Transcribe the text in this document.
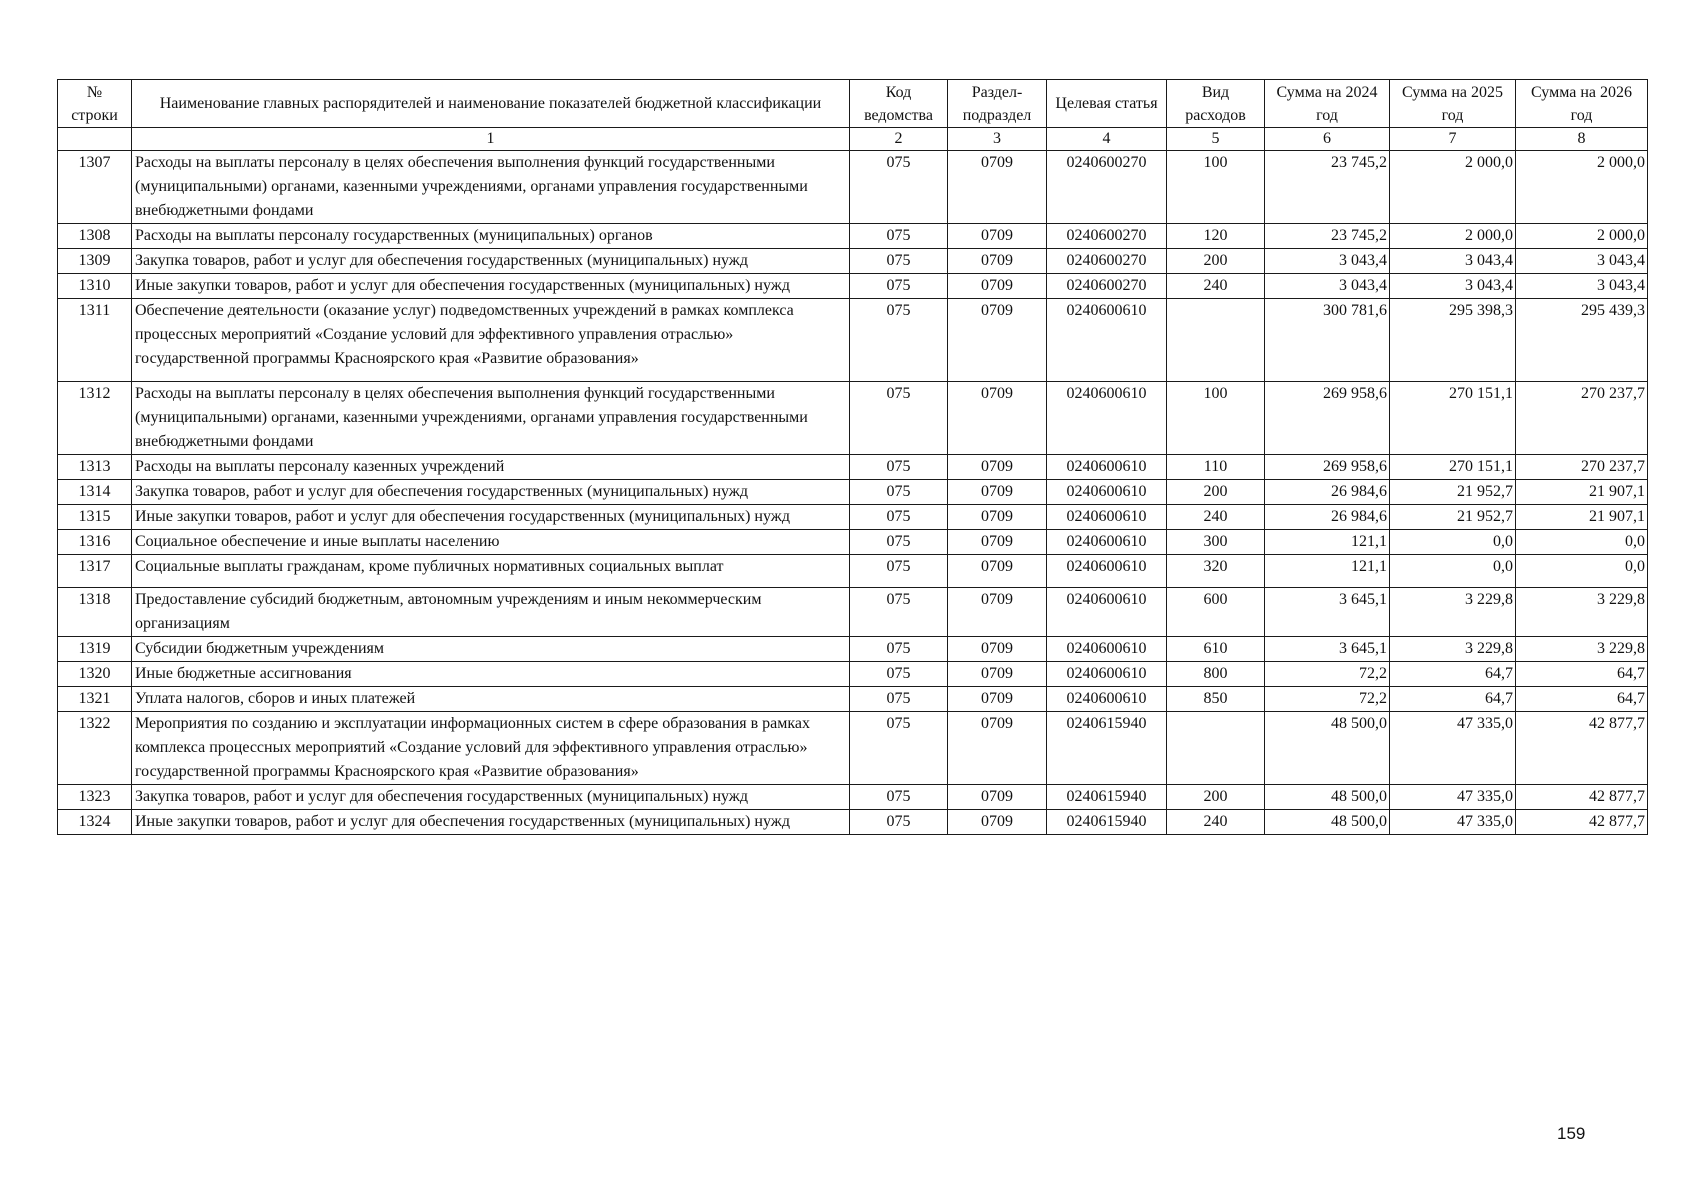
№ строки	Наименование главных распорядителей и наименование показателей бюджетной классификации	Код ведомства	Раздел-подраздел	Целевая статья	Вид расходов	Сумма на 2024 год	Сумма на 2025 год	Сумма на 2026 год
	1	2	3	4	5	6	7	8
1307	Расходы на выплаты персоналу в целях обеспечения выполнения функций государственными (муниципальными) органами, казенными учреждениями, органами управления государственными внебюджетными фондами	075	0709	0240600270	100	23 745,2	2 000,0	2 000,0
1308	Расходы на выплаты персоналу государственных (муниципальных) органов	075	0709	0240600270	120	23 745,2	2 000,0	2 000,0
1309	Закупка товаров, работ и услуг для обеспечения государственных (муниципальных) нужд	075	0709	0240600270	200	3 043,4	3 043,4	3 043,4
1310	Иные закупки товаров, работ и услуг для обеспечения государственных (муниципальных) нужд	075	0709	0240600270	240	3 043,4	3 043,4	3 043,4
1311	Обеспечение деятельности (оказание услуг) подведомственных учреждений в рамках комплекса процессных мероприятий «Создание условий для эффективного управления отраслью» государственной программы Красноярского края «Развитие образования»	075	0709	0240600610		300 781,6	295 398,3	295 439,3
1312	Расходы на выплаты персоналу в целях обеспечения выполнения функций государственными (муниципальными) органами, казенными учреждениями, органами управления государственными внебюджетными фондами	075	0709	0240600610	100	269 958,6	270 151,1	270 237,7
1313	Расходы на выплаты персоналу казенных учреждений	075	0709	0240600610	110	269 958,6	270 151,1	270 237,7
1314	Закупка товаров, работ и услуг для обеспечения государственных (муниципальных) нужд	075	0709	0240600610	200	26 984,6	21 952,7	21 907,1
1315	Иные закупки товаров, работ и услуг для обеспечения государственных (муниципальных) нужд	075	0709	0240600610	240	26 984,6	21 952,7	21 907,1
1316	Социальное обеспечение и иные выплаты населению	075	0709	0240600610	300	121,1	0,0	0,0
1317	Социальные выплаты гражданам, кроме публичных нормативных социальных выплат	075	0709	0240600610	320	121,1	0,0	0,0
1318	Предоставление субсидий бюджетным, автономным учреждениям и иным некоммерческим организациям	075	0709	0240600610	600	3 645,1	3 229,8	3 229,8
1319	Субсидии бюджетным учреждениям	075	0709	0240600610	610	3 645,1	3 229,8	3 229,8
1320	Иные бюджетные ассигнования	075	0709	0240600610	800	72,2	64,7	64,7
1321	Уплата налогов, сборов и иных платежей	075	0709	0240600610	850	72,2	64,7	64,7
1322	Мероприятия по созданию и эксплуатации информационных систем в сфере образования в рамках комплекса процессных мероприятий «Создание условий для эффективного управления отраслью» государственной программы Красноярского края «Развитие образования»	075	0709	0240615940		48 500,0	47 335,0	42 877,7
1323	Закупка товаров, работ и услуг для обеспечения государственных (муниципальных) нужд	075	0709	0240615940	200	48 500,0	47 335,0	42 877,7
1324	Иные закупки товаров, работ и услуг для обеспечения государственных (муниципальных) нужд	075	0709	0240615940	240	48 500,0	47 335,0	42 877,7
159
